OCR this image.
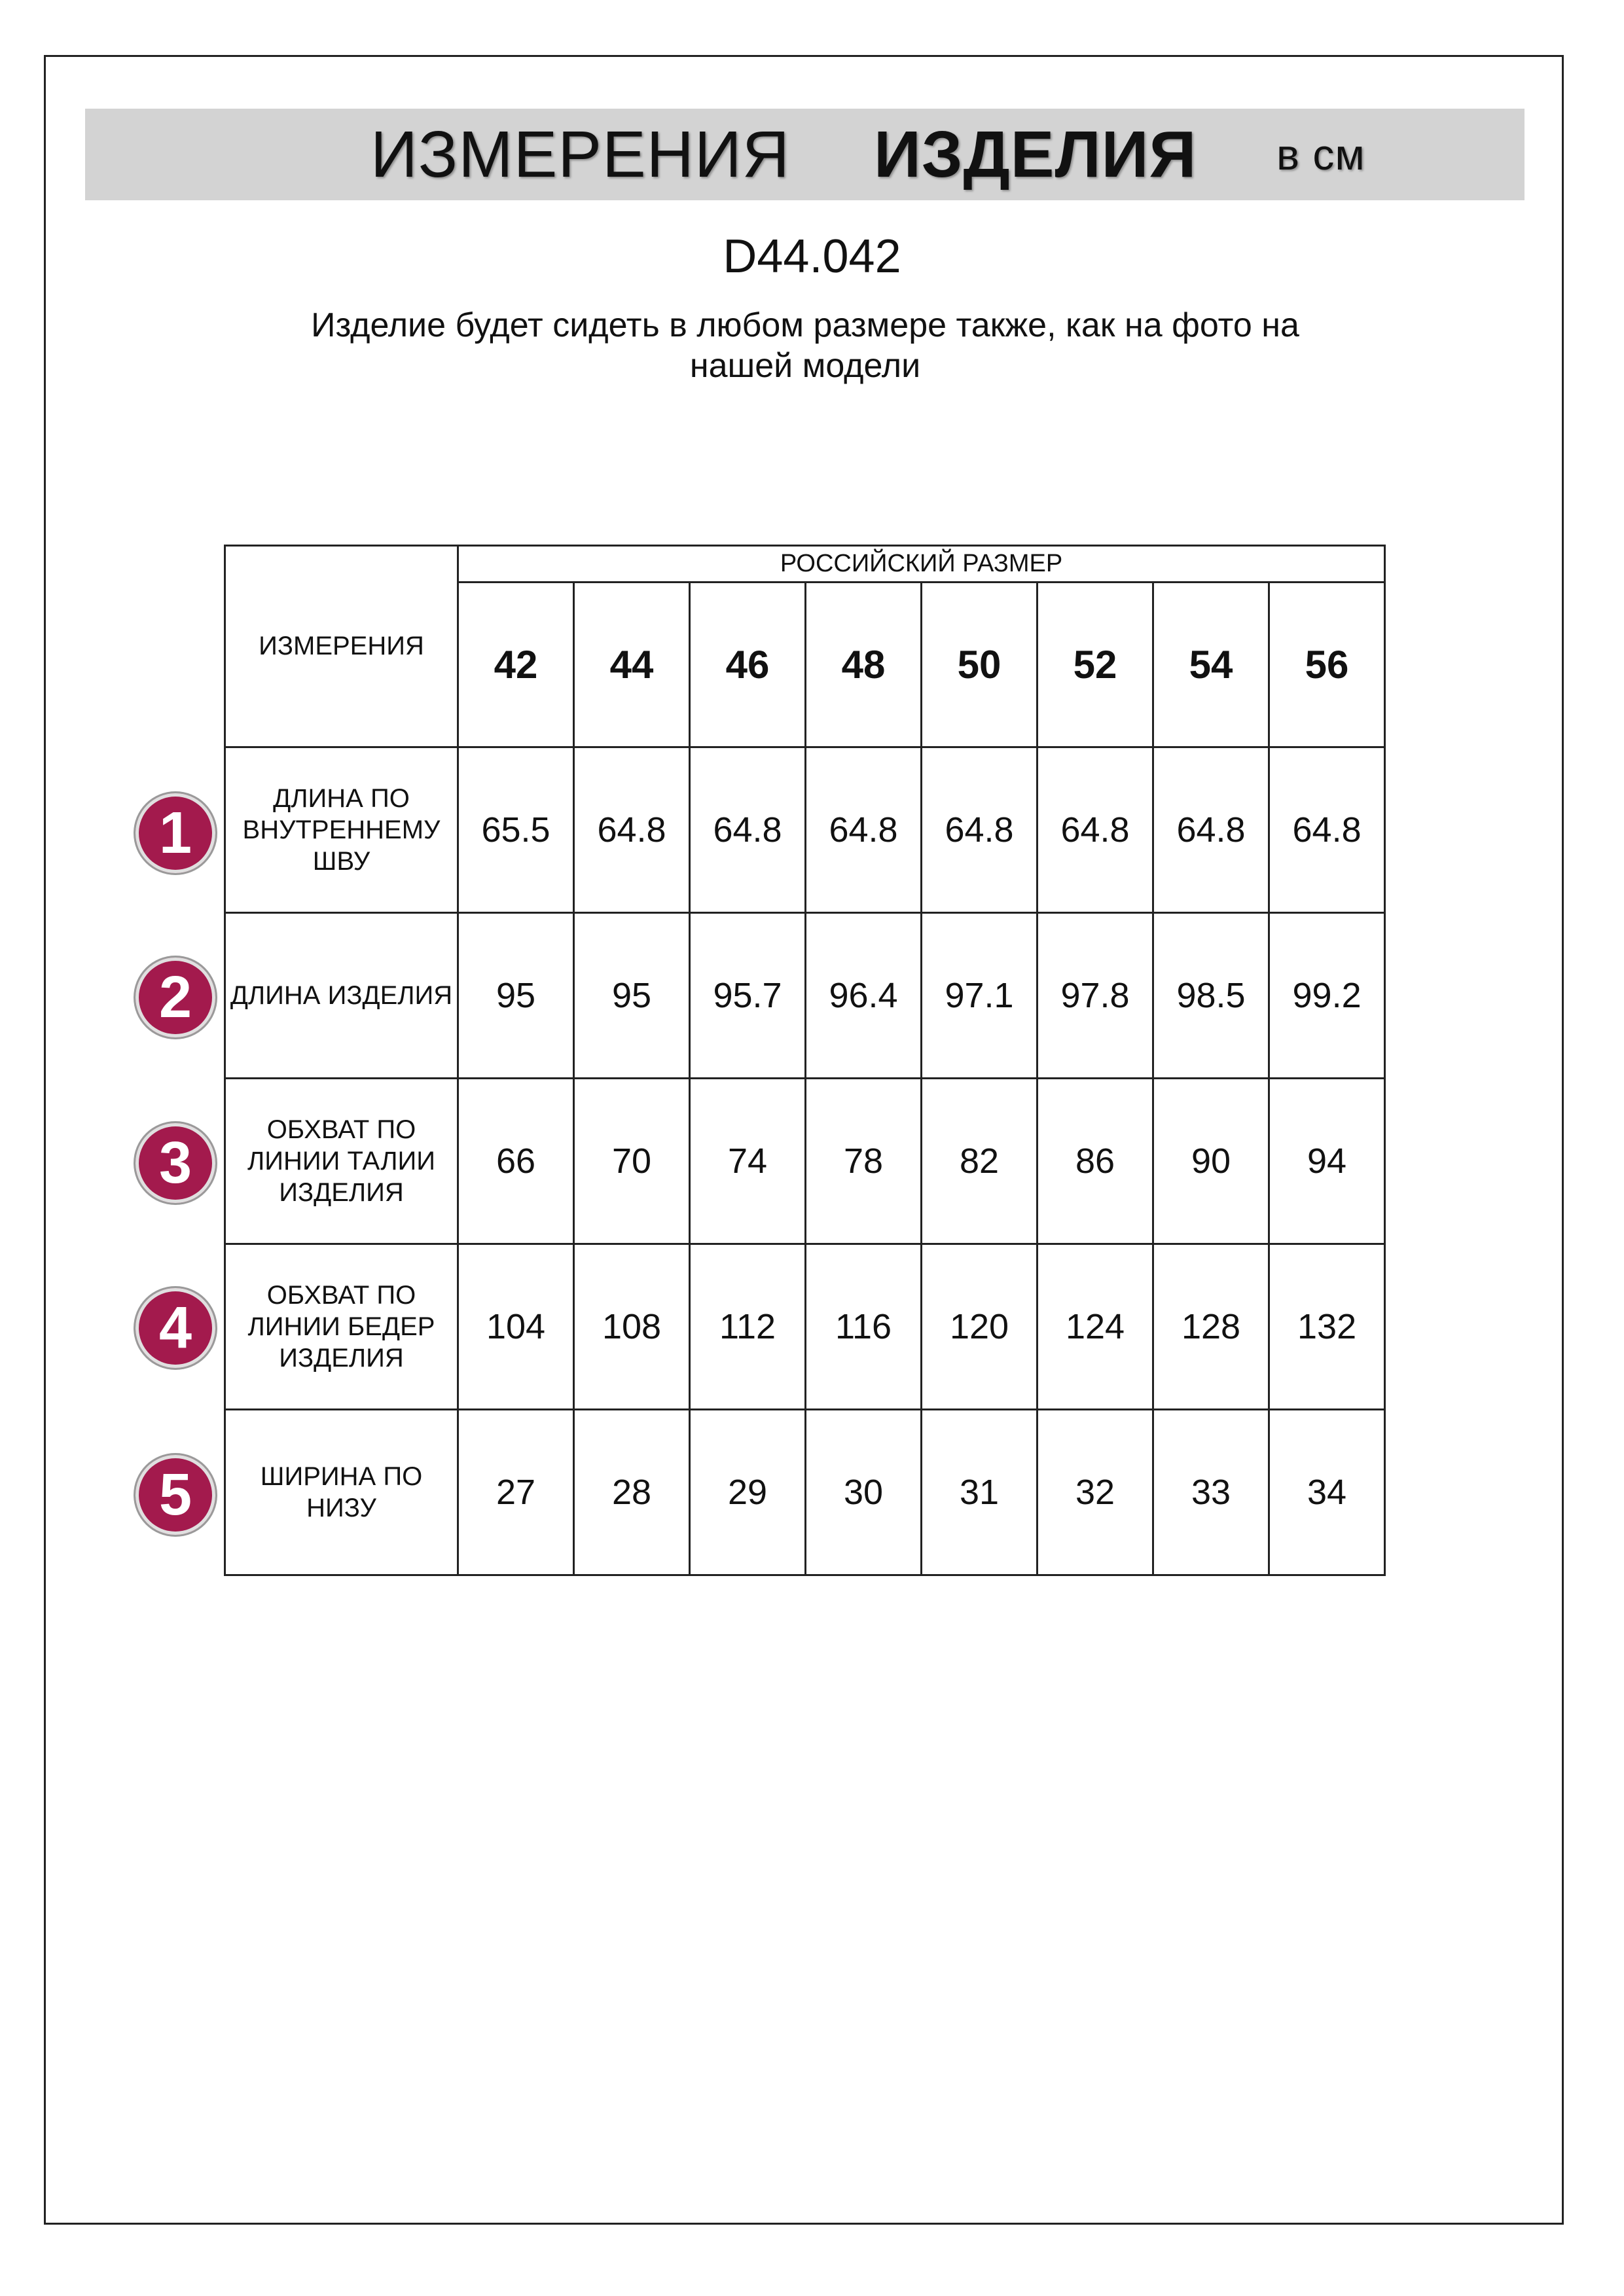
ИЗМЕРЕНИЯ ИЗДЕЛИЯ в см
D44.042
Изделие будет сидеть в любом размере также, как на фото на нашей модели
1
2
3
4
5
ИЗМЕРЕНИЯ	РОССИЙСКИЙ РАЗМЕР							
	42	44	46	48	50	52	54	56
ДЛИНА ПО ВНУТРЕННЕМУ ШВУ	65.5	64.8	64.8	64.8	64.8	64.8	64.8	64.8
ДЛИНА ИЗДЕЛИЯ	95	95	95.7	96.4	97.1	97.8	98.5	99.2
ОБХВАТ ПО ЛИНИИ ТАЛИИ ИЗДЕЛИЯ	66	70	74	78	82	86	90	94
ОБХВАТ ПО ЛИНИИ БЕДЕР ИЗДЕЛИЯ	104	108	112	116	120	124	128	132
ШИРИНА ПО НИЗУ	27	28	29	30	31	32	33	34
